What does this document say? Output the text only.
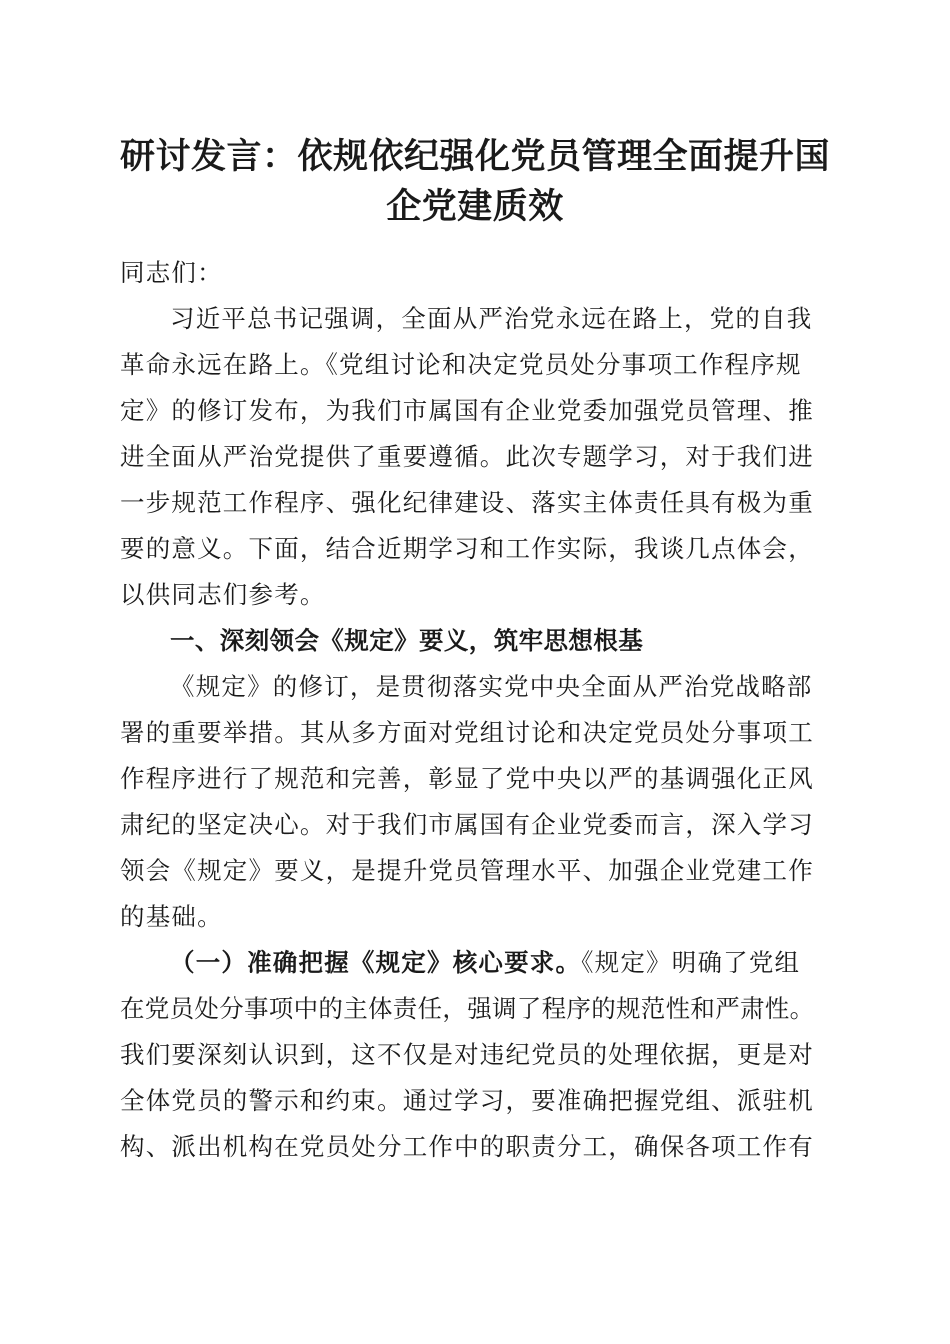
研讨发言：依规依纪强化党员管理全面提升国
企党建质效
同志们：
习近平总书记强调，全面从严治党永远在路上，党的自我
革命永远在路上。《党组讨论和决定党员处分事项工作程序规
定》的修订发布，为我们市属国有企业党委加强党员管理、推
进全面从严治党提供了重要遵循。此次专题学习，对于我们进
一步规范工作程序、强化纪律建设、落实主体责任具有极为重
要的意义。下面，结合近期学习和工作实际，我谈几点体会，
以供同志们参考。
一、深刻领会《规定》要义，筑牢思想根基
《规定》的修订，是贯彻落实党中央全面从严治党战略部
署的重要举措。其从多方面对党组讨论和决定党员处分事项工
作程序进行了规范和完善，彰显了党中央以严的基调强化正风
肃纪的坚定决心。对于我们市属国有企业党委而言，深入学习
领会《规定》要义，是提升党员管理水平、加强企业党建工作
的基础。
（一）准确把握《规定》核心要求。《规定》明确了党组
在党员处分事项中的主体责任，强调了程序的规范性和严肃性。
我们要深刻认识到，这不仅是对违纪党员的处理依据，更是对
全体党员的警示和约束。通过学习，要准确把握党组、派驻机
构、派出机构在党员处分工作中的职责分工，确保各项工作有
